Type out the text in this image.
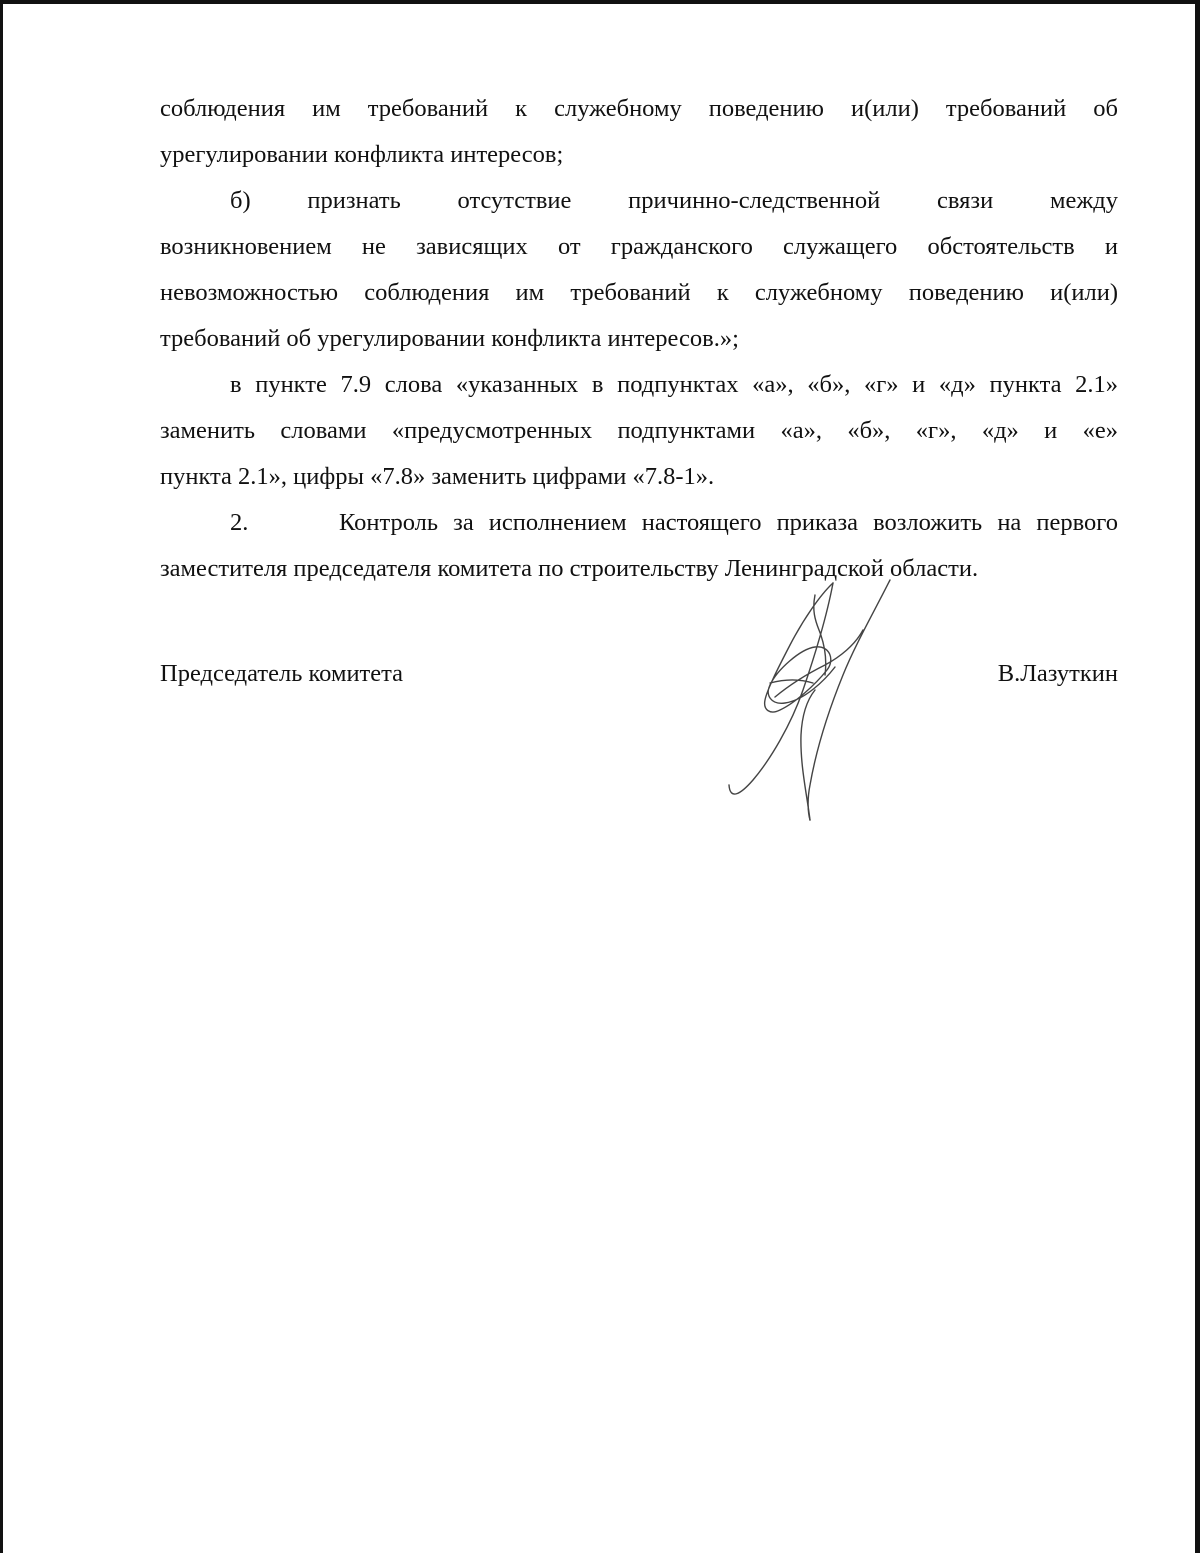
соблюдения им требований к служебному поведению и(или) требований об
урегулировании конфликта интересов;
б) признать отсутствие причинно-следственной связи между
возникновением не зависящих от гражданского служащего обстоятельств и
невозможностью соблюдения им требований к служебному поведению и(или)
требований об урегулировании конфликта интересов.»;
в пункте 7.9 слова «указанных в подпунктах «а», «б», «г» и «д» пункта 2.1»
заменить словами «предусмотренных подпунктами «а», «б», «г», «д» и «е»
пункта 2.1», цифры «7.8» заменить цифрами «7.8-1».
2.      Контроль за исполнением настоящего приказа возложить на первого
заместителя председателя комитета по строительству Ленинградской области.
Председатель комитета	В.Лазуткин
